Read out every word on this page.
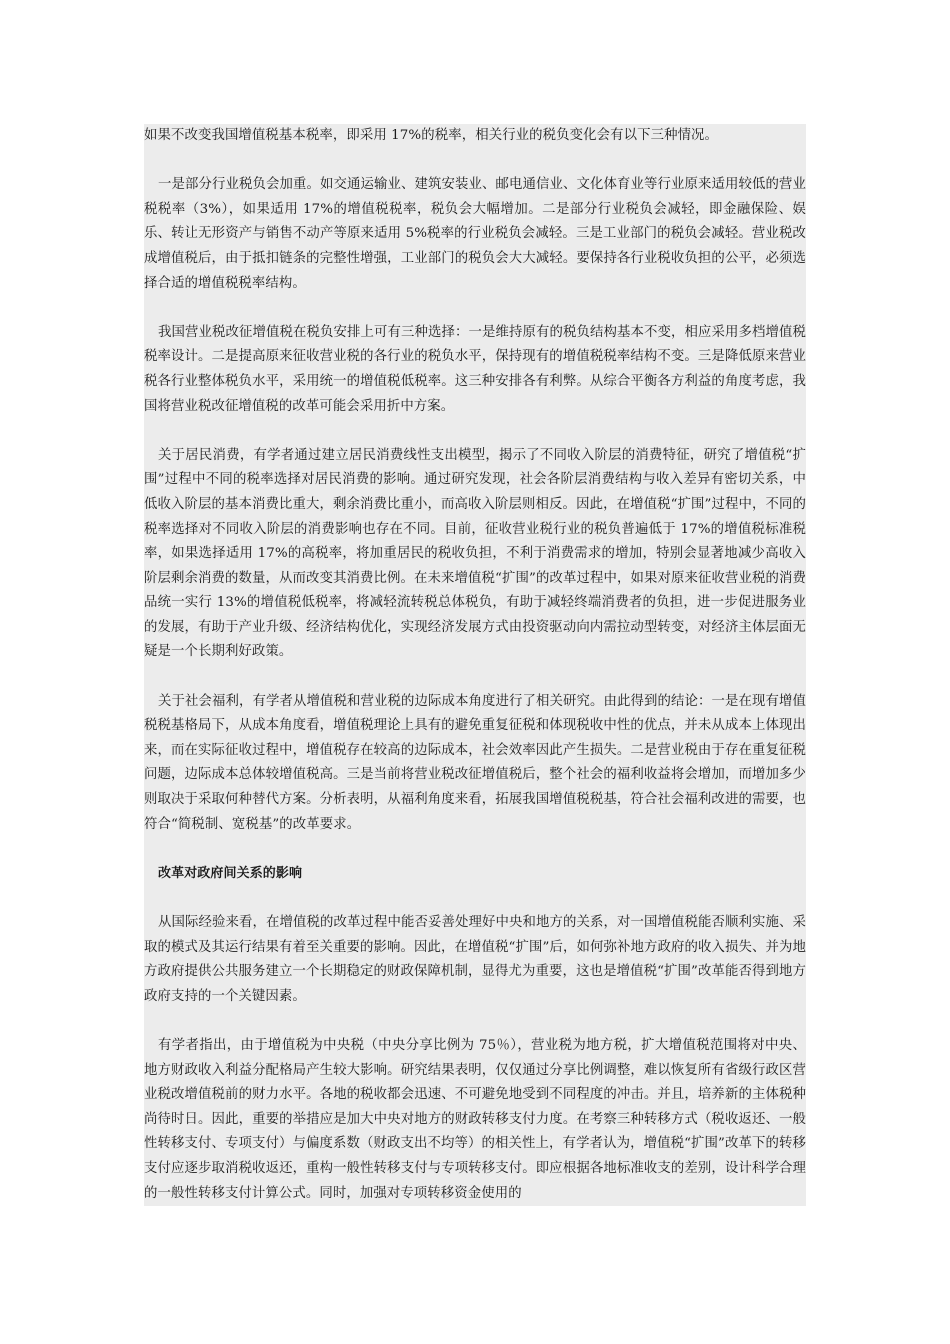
如果不改变我国增值税基本税率，即采用 17%的税率，相关行业的税负变化会有以下三种情况。

一是部分行业税负会加重。如交通运输业、建筑安装业、邮电通信业、文化体育业等行业原来适用较低的营业税税率（3%），如果适用 17%的增值税税率，税负会大幅增加。二是部分行业税负会减轻，即金融保险、娱乐、转让无形资产与销售不动产等原来适用 5%税率的行业税负会减轻。三是工业部门的税负会减轻。营业税改成增值税后，由于抵扣链条的完整性增强，工业部门的税负会大大减轻。要保持各行业税收负担的公平，必须选择合适的增值税税率结构。

我国营业税改征增值税在税负安排上可有三种选择：一是维持原有的税负结构基本不变，相应采用多档增值税税率设计。二是提高原来征收营业税的各行业的税负水平，保持现有的增值税税率结构不变。三是降低原来营业税各行业整体税负水平，采用统一的增值税低税率。这三种安排各有利弊。从综合平衡各方利益的角度考虑，我国将营业税改征增值税的改革可能会采用折中方案。

关于居民消费，有学者通过建立居民消费线性支出模型，揭示了不同收入阶层的消费特征，研究了增值税“扩围”过程中不同的税率选择对居民消费的影响。通过研究发现，社会各阶层消费结构与收入差异有密切关系，中低收入阶层的基本消费比重大，剩余消费比重小，而高收入阶层则相反。因此，在增值税“扩围”过程中，不同的税率选择对不同收入阶层的消费影响也存在不同。目前，征收营业税行业的税负普遍低于 17%的增值税标准税率，如果选择适用 17%的高税率，将加重居民的税收负担，不利于消费需求的增加，特别会显著地减少高收入阶层剩余消费的数量，从而改变其消费比例。在未来增值税“扩围”的改革过程中，如果对原来征收营业税的消费品统一实行 13%的增值税低税率，将减轻流转税总体税负，有助于减轻终端消费者的负担，进一步促进服务业的发展，有助于产业升级、经济结构优化，实现经济发展方式由投资驱动向内需拉动型转变，对经济主体层面无疑是一个长期利好政策。

关于社会福利，有学者从增值税和营业税的边际成本角度进行了相关研究。由此得到的结论：一是在现有增值税税基格局下，从成本角度看，增值税理论上具有的避免重复征税和体现税收中性的优点，并未从成本上体现出来，而在实际征收过程中，增值税存在较高的边际成本，社会效率因此产生损失。二是营业税由于存在重复征税问题，边际成本总体较增值税高。三是当前将营业税改征增值税后，整个社会的福利收益将会增加，而增加多少则取决于采取何种替代方案。分析表明，从福利角度来看，拓展我国增值税税基，符合社会福利改进的需要，也符合“简税制、宽税基”的改革要求。

改革对政府间关系的影响

从国际经验来看，在增值税的改革过程中能否妥善处理好中央和地方的关系，对一国增值税能否顺利实施、采取的模式及其运行结果有着至关重要的影响。因此，在增值税“扩围”后，如何弥补地方政府的收入损失、并为地方政府提供公共服务建立一个长期稳定的财政保障机制，显得尤为重要，这也是增值税“扩围”改革能否得到地方政府支持的一个关键因素。

有学者指出，由于增值税为中央税（中央分享比例为 75％），营业税为地方税，扩大增值税范围将对中央、地方财政收入利益分配格局产生较大影响。研究结果表明，仅仅通过分享比例调整，难以恢复所有省级行政区营业税改增值税前的财力水平。各地的税收都会迅速、不可避免地受到不同程度的冲击。并且，培养新的主体税种尚待时日。因此，重要的举措应是加大中央对地方的财政转移支付力度。在考察三种转移方式（税收返还、一般性转移支付、专项支付）与偏度系数（财政支出不均等）的相关性上，有学者认为，增值税“扩围”改革下的转移支付应逐步取消税收返还，重构一般性转移支付与专项转移支付。即应根据各地标准收支的差别，设计科学合理的一般性转移支付计算公式。同时，加强对专项转移资金使用的
